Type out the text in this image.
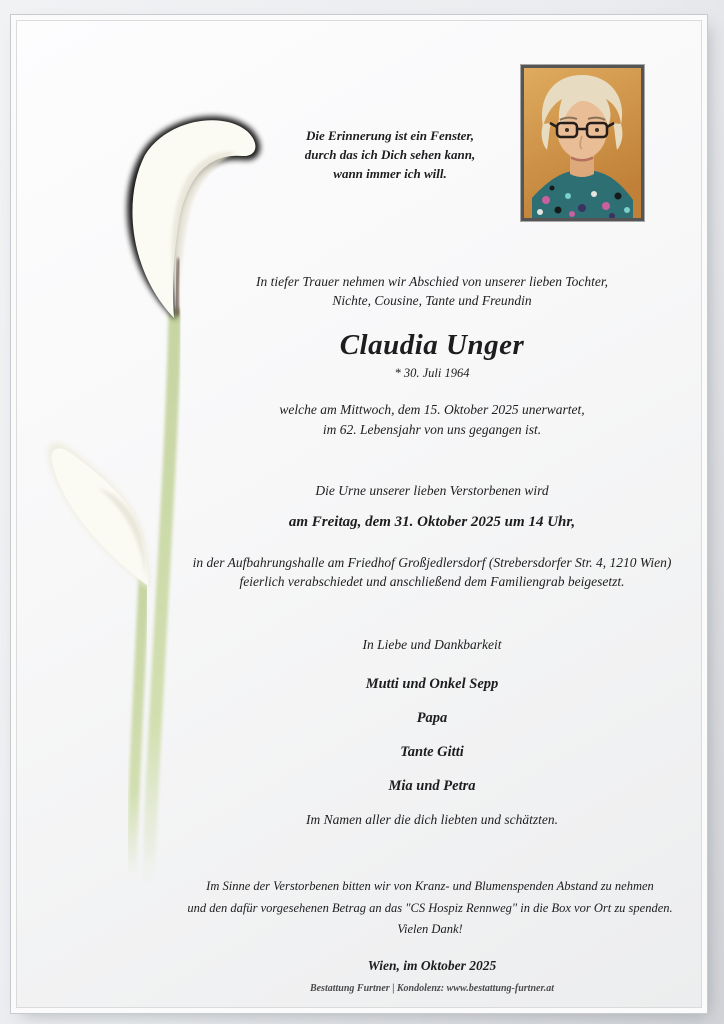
Die Erinnerung ist ein Fenster,
durch das ich Dich sehen kann,
wann immer ich will.
In tiefer Trauer nehmen wir Abschied von unserer lieben Tochter,
Nichte, Cousine, Tante und Freundin
Claudia Unger
* 30. Juli 1964
welche am Mittwoch, dem 15. Oktober 2025 unerwartet,
im 62. Lebensjahr von uns gegangen ist.
Die Urne unserer lieben Verstorbenen wird
am Freitag, dem 31. Oktober 2025 um 14 Uhr,
in der Aufbahrungshalle am Friedhof Großjedlersdorf (Strebersdorfer Str. 4, 1210 Wien)
feierlich verabschiedet und anschließend dem Familiengrab beigesetzt.
In Liebe und Dankbarkeit
Mutti und Onkel Sepp
Papa
Tante Gitti
Mia und Petra
Im Namen aller die dich liebten und schätzten.
Im Sinne der Verstorbenen bitten wir von Kranz- und Blumenspenden Abstand zu nehmen
und den dafür vorgesehenen Betrag an das "CS Hospiz Rennweg" in die Box vor Ort zu spenden.
Vielen Dank!
Wien, im Oktober 2025
Bestattung Furtner | Kondolenz: www.bestattung-furtner.at
